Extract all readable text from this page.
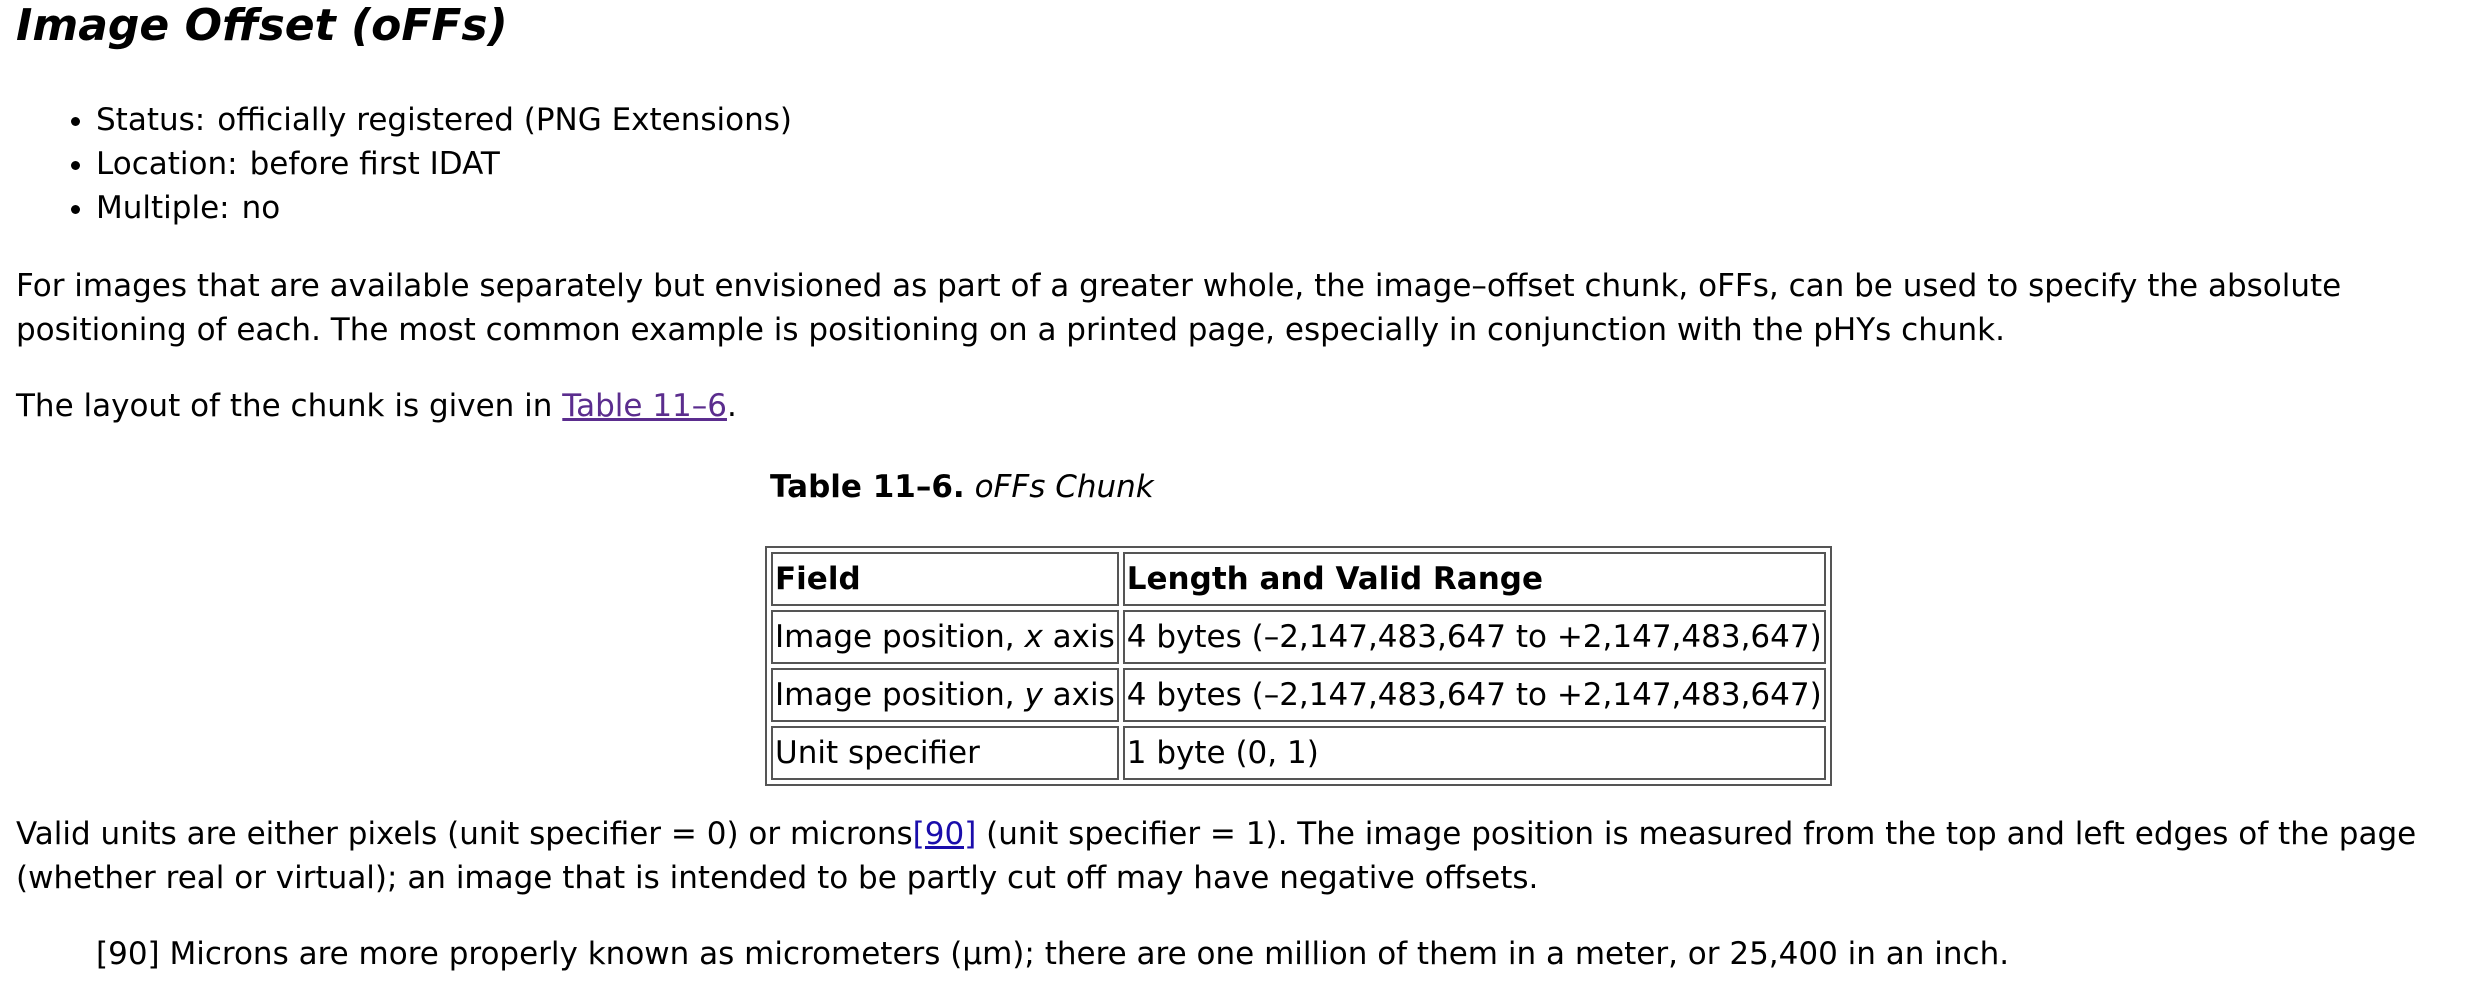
Image Offset (oFFs)
• Status: officially registered (PNG Extensions)
• Location: before first IDAT
• Multiple: no

For images that are available separately but envisioned as part of a greater whole, the image–offset chunk, oFFs, can be used to specify the absolute positioning of each. The most common example is positioning on a printed page, especially in conjunction with the pHYs chunk.

The layout of the chunk is given in Table 11–6.

Table 11–6. oFFs Chunk
Field	Length and Valid Range
Image position, x axis	4 bytes (–2,147,483,647 to +2,147,483,647)
Image position, y axis	4 bytes (–2,147,483,647 to +2,147,483,647)
Unit specifier	1 byte (0, 1)

Valid units are either pixels (unit specifier = 0) or microns[90] (unit specifier = 1). The image position is measured from the top and left edges of the page (whether real or virtual); an image that is intended to be partly cut off may have negative offsets.

[90] Microns are more properly known as micrometers (μm); there are one million of them in a meter, or 25,400 in an inch.
